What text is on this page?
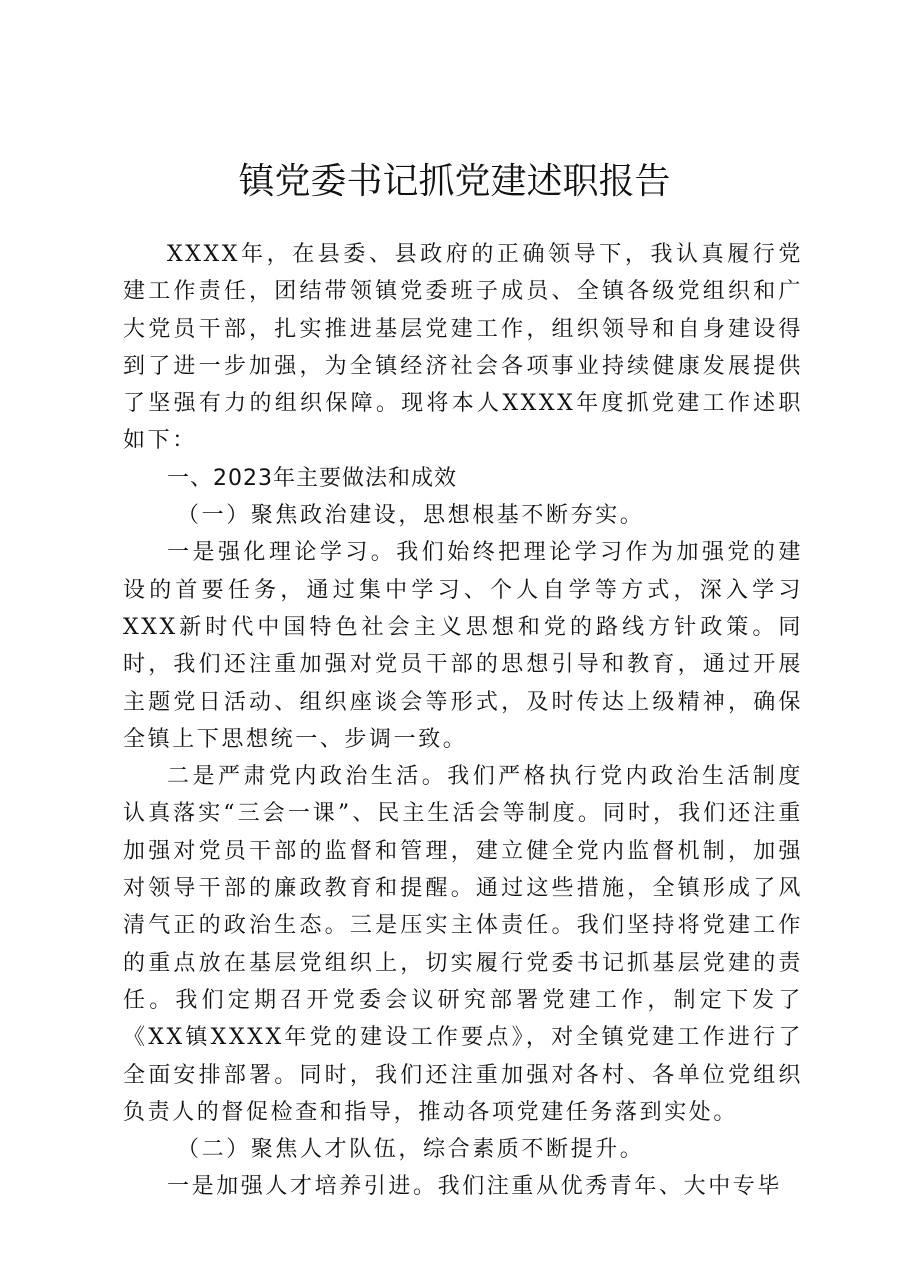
镇党委书记抓党建述职报告

XXXX年，在县委、县政府的正确领导下，我认真履行党建工作责任，团结带领镇党委班子成员、全镇各级党组织和广大党员干部，扎实推进基层党建工作，组织领导和自身建设得到了进一步加强，为全镇经济社会各项事业持续健康发展提供了坚强有力的组织保障。现将本人XXXX年度抓党建工作述职如下：

一、2023年主要做法和成效

（一）聚焦政治建设，思想根基不断夯实。

一是强化理论学习。我们始终把理论学习作为加强党的建设的首要任务，通过集中学习、个人自学等方式，深入学习XXX新时代中国特色社会主义思想和党的路线方针政策。同时，我们还注重加强对党员干部的思想引导和教育，通过开展主题党日活动、组织座谈会等形式，及时传达上级精神，确保全镇上下思想统一、步调一致。

二是严肃党内政治生活。我们严格执行党内政治生活制度认真落实“三会一课”、民主生活会等制度。同时，我们还注重加强对党员干部的监督和管理，建立健全党内监督机制，加强对领导干部的廉政教育和提醒。通过这些措施，全镇形成了风清气正的政治生态。三是压实主体责任。我们坚持将党建工作的重点放在基层党组织上，切实履行党委书记抓基层党建的责任。我们定期召开党委会议研究部署党建工作，制定下发了《XX镇XXXX年党的建设工作要点》，对全镇党建工作进行了全面安排部署。同时，我们还注重加强对各村、各单位党组织负责人的督促检查和指导，推动各项党建任务落到实处。

（二）聚焦人才队伍，综合素质不断提升。

一是加强人才培养引进。我们注重从优秀青年、大中专毕
